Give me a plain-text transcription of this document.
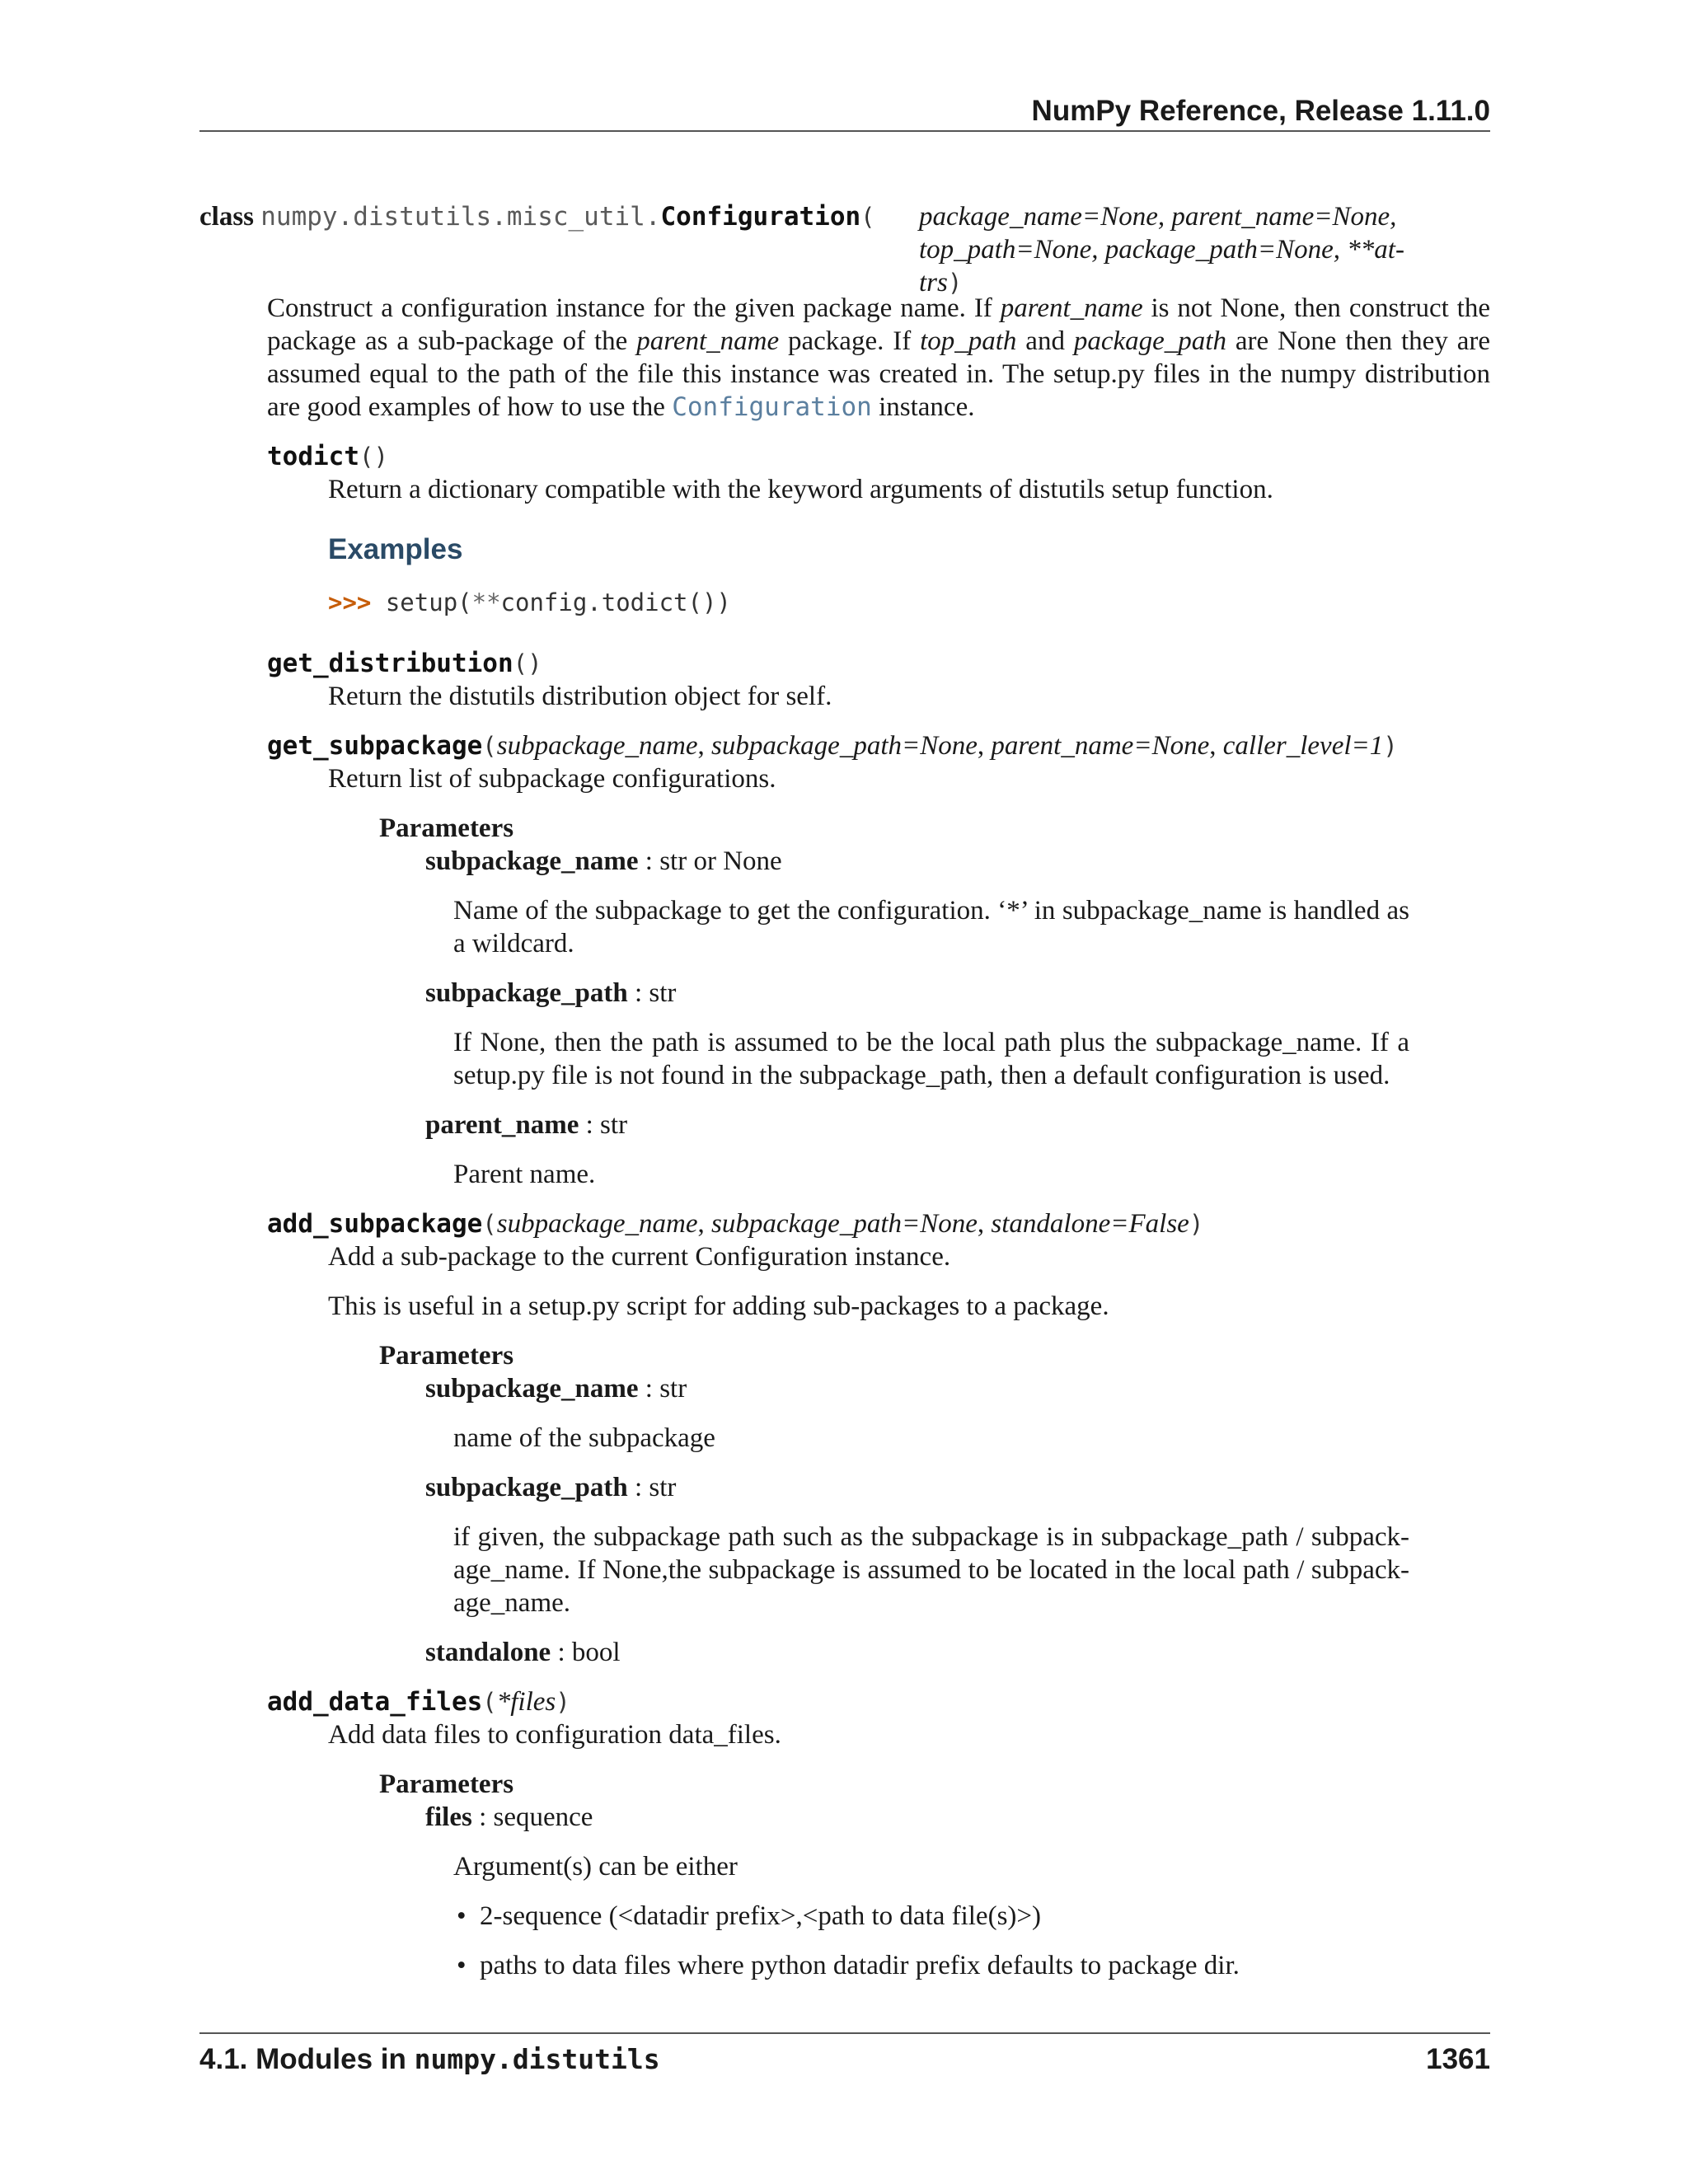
NumPy Reference, Release 1.11.0
class numpy.distutils.misc_util.Configuration( package_name=None, parent_name=None, top_path=None, package_path=None, **at- trs)
Construct a configuration instance for the given package name. If parent_name is not None, then construct the package as a sub-package of the parent_name package. If top_path and package_path are None then they are assumed equal to the path of the file this instance was created in. The setup.py files in the numpy distribution are good examples of how to use the Configuration instance.
todict()
Return a dictionary compatible with the keyword arguments of distutils setup function.
Examples
>>> setup(**config.todict())
get_distribution()
Return the distutils distribution object for self.
get_subpackage(subpackage_name, subpackage_path=None, parent_name=None, caller_level=1)
Return list of subpackage configurations.
Parameters
subpackage_name : str or None
Name of the subpackage to get the configuration. ‘*’ in subpackage_name is handled as a wildcard.
subpackage_path : str
If None, then the path is assumed to be the local path plus the subpackage_name. If a setup.py file is not found in the subpackage_path, then a default configuration is used.
parent_name : str
Parent name.
add_subpackage(subpackage_name, subpackage_path=None, standalone=False)
Add a sub-package to the current Configuration instance.
This is useful in a setup.py script for adding sub-packages to a package.
Parameters
subpackage_name : str
name of the subpackage
subpackage_path : str
if given, the subpackage path such as the subpackage is in subpackage_path / subpack- age_name. If None,the subpackage is assumed to be located in the local path / subpack- age_name.
standalone : bool
add_data_files(*files)
Add data files to configuration data_files.
Parameters
files : sequence
Argument(s) can be either
• 2-sequence (<datadir prefix>,<path to data file(s)>)
• paths to data files where python datadir prefix defaults to package dir.
4.1. Modules in numpy.distutils	1361
